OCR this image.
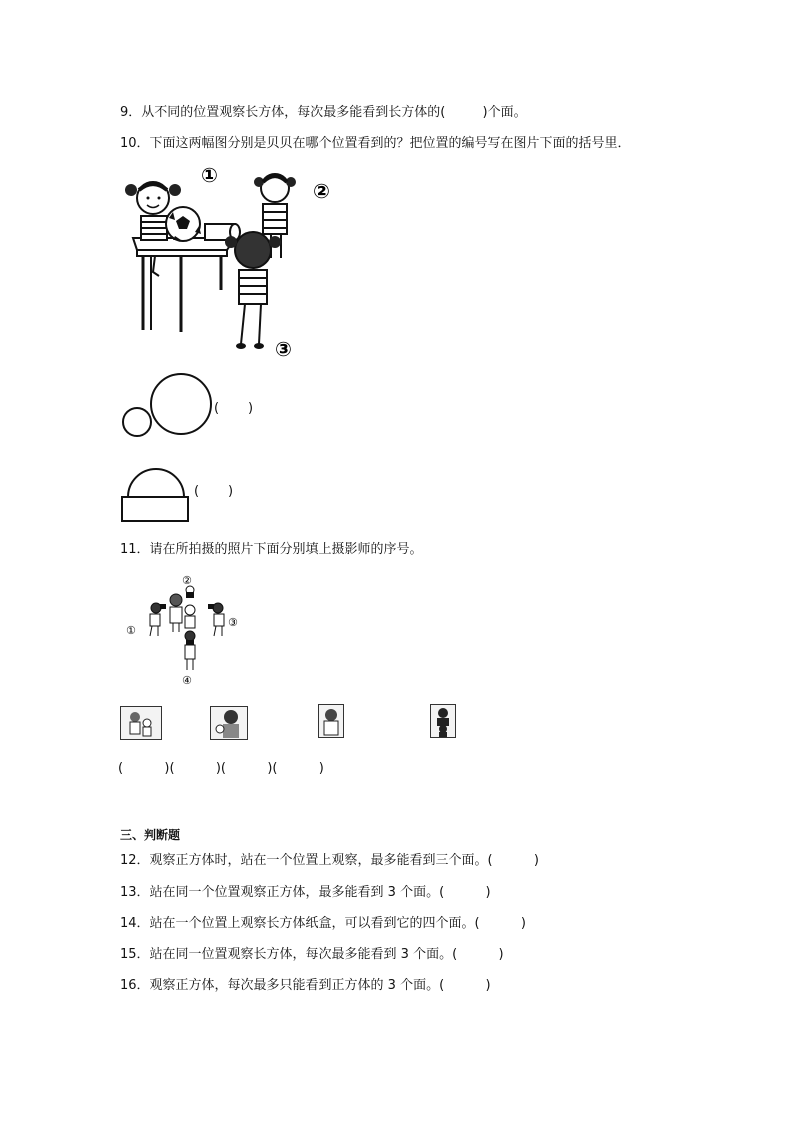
9．从不同的位置观察长方体，每次最多能看到长方体的(         )个面。
10．下面这两幅图分别是贝贝在哪个位置看到的？把位置的编号写在图片下面的括号里．
①
②
③
(       )
(       )
11．请在所拍摄的照片下面分别填上摄影师的序号。
②
①
③
④
(          )(          )(          )(          )
三、判断题
12．观察正方体时，站在一个位置上观察，最多能看到三个面。(          )
13．站在同一个位置观察正方体，最多能看到 3 个面。(          )
14．站在一个位置上观察长方体纸盒，可以看到它的四个面。(          )
15．站在同一位置观察长方体，每次最多能看到 3 个面。(          )
16．观察正方体，每次最多只能看到正方体的 3 个面。(          )
